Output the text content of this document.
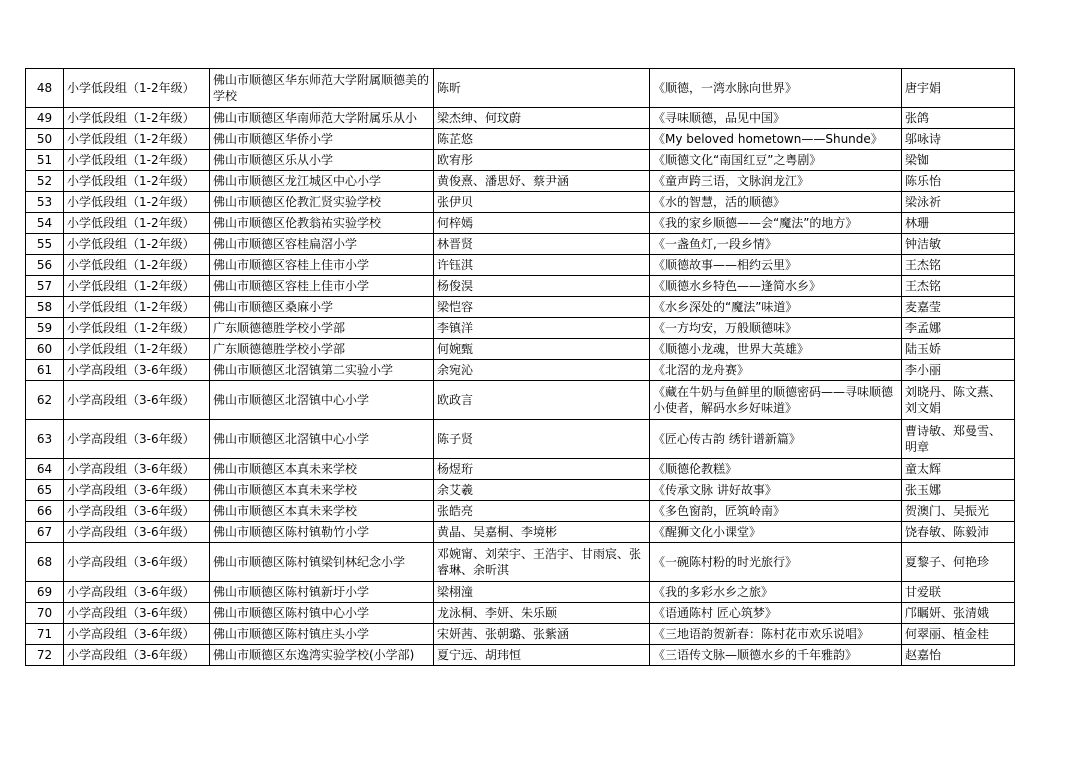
48	小学低段组（1-2年级）	佛山市顺德区华东师范大学附属顺德美的学校	陈昕	《顺德，一湾水脉向世界》	唐宇娟
49	小学低段组（1-2年级）	佛山市顺德区华南师范大学附属乐从小	梁杰绅、何玟蔚	《寻味顺德，品见中国》	张鸽
50	小学低段组（1-2年级）	佛山市顺德区华侨小学	陈芷悠	《My beloved hometown——Shunde》	邬咏诗
51	小学低段组（1-2年级）	佛山市顺德区乐从小学	欧宥彤	《顺德文化“南国红豆”之粤剧》	梁铷
52	小学低段组（1-2年级）	佛山市顺德区龙江城区中心小学	黄俊熹、潘思妤、蔡尹涵	《童声跨三语，文脉润龙江》	陈乐怡
53	小学低段组（1-2年级）	佛山市顺德区伦教汇贤实验学校	张伊贝	《水的智慧，活的顺德》	梁泳祈
54	小学低段组（1-2年级）	佛山市顺德区伦教翁祐实验学校	何梓嫣	《我的家乡顺德——会“魔法”的地方》	林珊
55	小学低段组（1-2年级）	佛山市顺德区容桂扁滘小学	林晋贤	《一盏鱼灯,一段乡情》	钟洁敏
56	小学低段组（1-2年级）	佛山市顺德区容桂上佳市小学	许钰淇	《顺德故事——相约云里》	王杰铭
57	小学低段组（1-2年级）	佛山市顺德区容桂上佳市小学	杨俊淏	《顺德水乡特色——逢简水乡》	王杰铭
58	小学低段组（1-2年级）	佛山市顺德区桑麻小学	梁恺容	《水乡深处的“魔法”味道》	麦嘉莹
59	小学低段组（1-2年级）	广东顺德德胜学校小学部	李镇洋	《一方均安，万般顺德味》	李孟娜
60	小学低段组（1-2年级）	广东顺德德胜学校小学部	何婉甄	《顺德小龙魂，世界大英雄》	陆玉娇
61	小学高段组（3-6年级）	佛山市顺德区北滘镇第二实验小学	余宛沁	《北滘的龙舟赛》	李小丽
62	小学高段组（3-6年级）	佛山市顺德区北滘镇中心小学	欧政言	《藏在牛奶与鱼鲜里的顺德密码——寻味顺德小使者，解码水乡好味道》	刘晓丹、陈文燕、刘文娟
63	小学高段组（3-6年级）	佛山市顺德区北滘镇中心小学	陈子贤	《匠心传古韵 绣针谱新篇》	曹诗敏、郑曼雪、明章
64	小学高段组（3-6年级）	佛山市顺德区本真未来学校	杨煜珩	《顺德伦教糕》	童太辉
65	小学高段组（3-6年级）	佛山市顺德区本真未来学校	余艾羲	《传承文脉 讲好故事》	张玉娜
66	小学高段组（3-6年级）	佛山市顺德区本真未来学校	张皓亮	《多色窗韵，匠筑岭南》	贺澳门、吴振光
67	小学高段组（3-6年级）	佛山市顺德区陈村镇勒竹小学	黄晶、吴嘉桐、李境彬	《醒狮文化小课堂》	饶春敏、陈毅沛
68	小学高段组（3-6年级）	佛山市顺德区陈村镇梁钊林纪念小学	邓婉甯、刘荣宇、王浩宇、甘雨宸、张睿琳、余昕淇	《一碗陈村粉的时光旅行》	夏黎子、何艳珍
69	小学高段组（3-6年级）	佛山市顺德区陈村镇新圩小学	梁栩潼	《我的多彩水乡之旅》	甘爱联
70	小学高段组（3-6年级）	佛山市顺德区陈村镇中心小学	龙泳桐、李妍、朱乐颐	《语通陈村 匠心筑梦》	邝瞩妍、张清娥
71	小学高段组（3-6年级）	佛山市顺德区陈村镇庄头小学	宋妍茜、张朝璐、张紫涵	《三地语韵贺新春：陈村花市欢乐说唱》	何翠丽、植金桂
72	小学高段组（3-6年级）	佛山市顺德区东逸湾实验学校(小学部)	夏宁远、胡玮恒	《三语传文脉—顺德水乡的千年雅韵》	赵嘉怡
